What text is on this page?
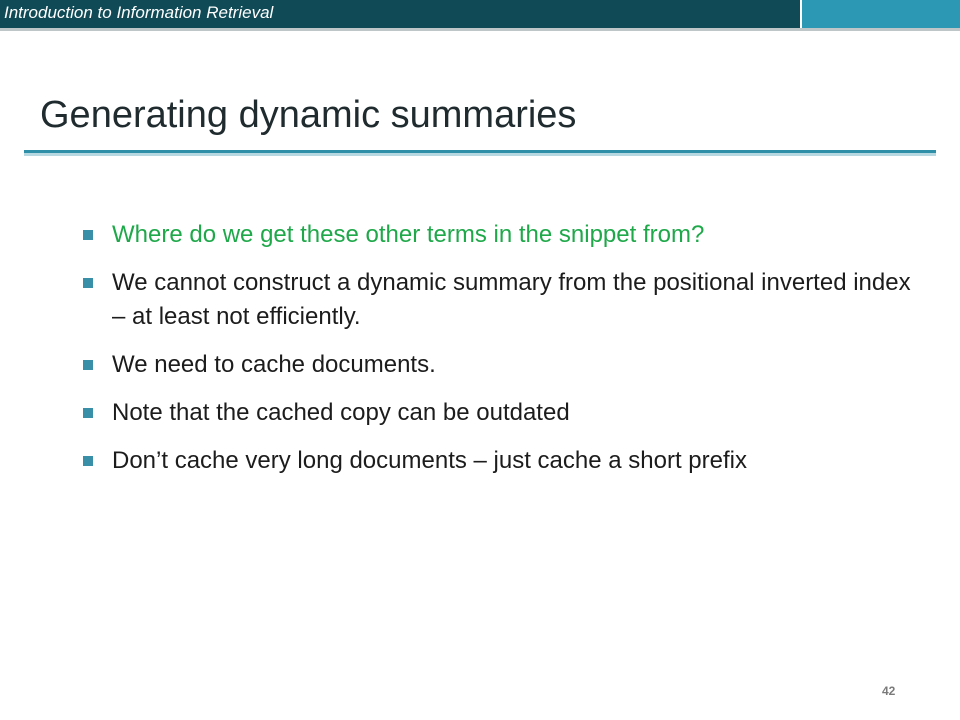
Introduction to Information Retrieval
Generating dynamic summaries
Where do we get these other terms in the snippet from?
We cannot construct a dynamic summary from the positional inverted index – at least not efficiently.
We need to cache documents.
Note that the cached copy can be outdated
Don’t cache very long documents – just cache a short prefix
42
